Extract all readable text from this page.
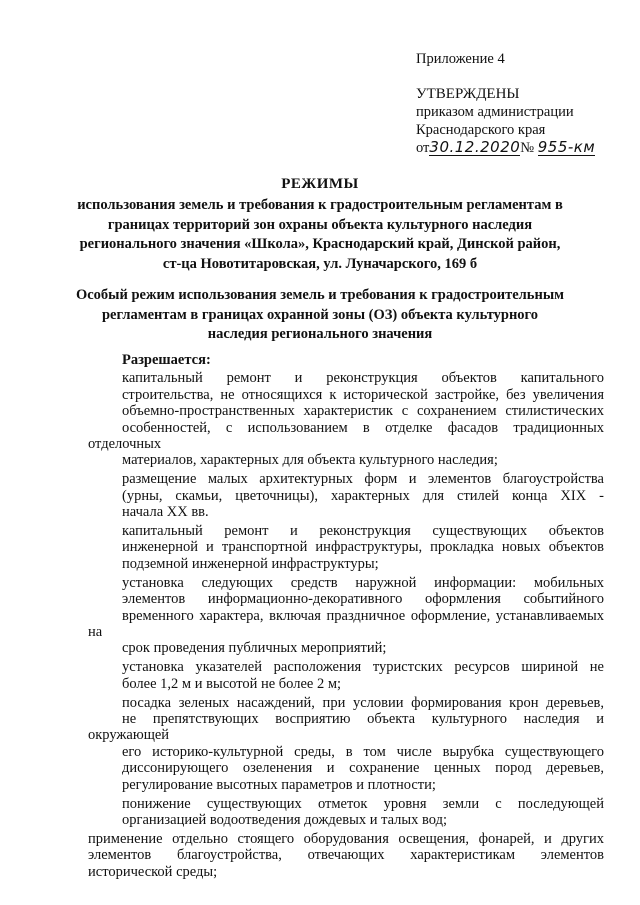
Приложение 4
УТВЕРЖДЕНЫ
приказом администрации
Краснодарского края
от30.12.2020№ 955-км
РЕЖИМЫ
использования земель и требования к градостроительным регламентам в
границах территорий зон охраны объекта культурного наследия
регионального значения «Школа», Краснодарский край, Динской район,
ст-ца Новотитаровская, ул. Луначарского, 169 б
Особый режим использования земель и требования к градостроительным
регламентам в границах охранной зоны (ОЗ) объекта культурного
наследия регионального значения
Разрешается:
капитальный ремонт и реконструкция объектов капитального
строительства, не относящихся к исторической застройке, без увеличения
объемно-пространственных характеристик с сохранением стилистических
особенностей, с использованием в отделке фасадов традиционных отделочных
материалов, характерных для объекта культурного наследия;
размещение малых архитектурных форм и элементов благоустройства
(урны, скамьи, цветочницы), характерных для стилей конца XIX -
начала XX вв.
капитальный ремонт и реконструкция существующих объектов
инженерной и транспортной инфраструктуры, прокладка новых объектов
подземной инженерной инфраструктуры;
установка следующих средств наружной информации: мобильных
элементов информационно-декоративного оформления событийного
временного характера, включая праздничное оформление, устанавливаемых на
срок проведения публичных мероприятий;
установка указателей расположения туристских ресурсов шириной не
более 1,2 м и высотой не более 2 м;
посадка зеленых насаждений, при условии формирования крон деревьев,
не препятствующих восприятию объекта культурного наследия и окружающей
его историко-культурной среды, в том числе вырубка существующего
диссонирующего озеленения и сохранение ценных пород деревьев,
регулирование высотных параметров и плотности;
понижение существующих отметок уровня земли с последующей
организацией водоотведения дождевых и талых вод;
применение отдельно стоящего оборудования освещения, фонарей, и других
элементов благоустройства, отвечающих характеристикам элементов
исторической среды;
